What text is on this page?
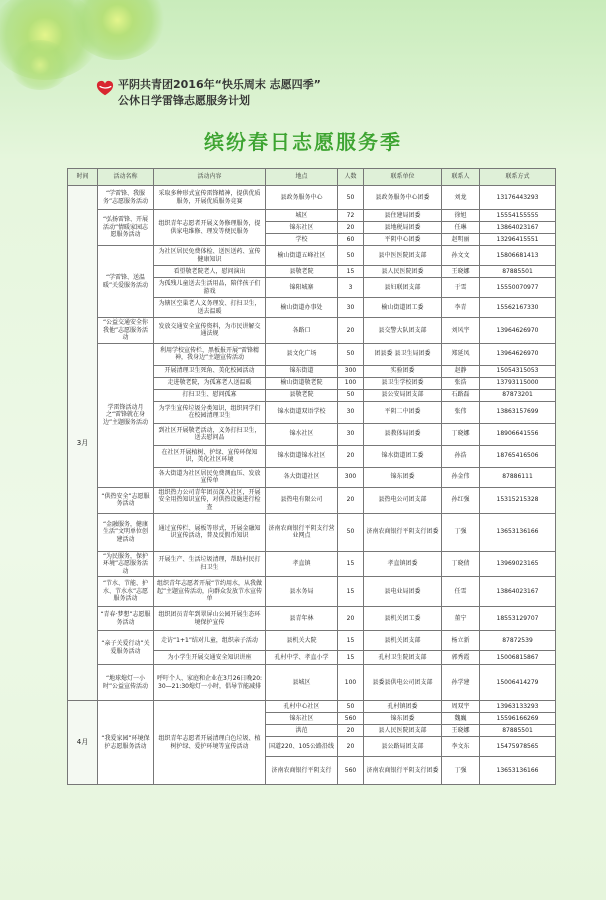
平阴共青团2016年“快乐周末 志愿四季”
公休日学雷锋志愿服务计划
缤纷春日志愿服务季
时间	活动名称	活动内容	地点	人数	联系单位	联系人	联系方式
3月	“学雷锋、我服务”志愿服务活动	采取多种形式宣传雷锋精神，提供优质服务，开展优质服务竞赛	县政务服务中心	50	县政务服务中心团委	刘龙	13176443293
	“弘扬雷锋、开展活动”情暖家园志愿服务活动	组织青年志愿者开展义务修理服务，提供家电维修、理发等便民服务	城区	72	县住建局团委	徐旭	15554155555
			锦东社区	20	县地税局团委	任琳	13864023167
			学校	60	平阴中心团委	赵明丽	13296415551
	“学雷锋、送温暖”关爱服务活动	为社区居民免费体检、送医送药、宣传健康知识	榆山街道五峰社区	50	县中医医院团支部	孙文文	15806681413
		看望敬老院老人，慰问演出	县敬老院	15	县人民医院团委	王晓娜	87885501
		为孤残儿童送去生活用品，陪伴孩子们游戏	锦阳城寨	3	县妇联团支部	于雪	15550070977
		为辖区空巢老人义务理发、打扫卫生，送去温暖	榆山街道办事处	30	榆山街道团工委	李青	15562167330
	“公益交通安全你我他”志愿服务活动	发放交通安全宣传资料，为市民讲解交通法规	各路口	20	县交警大队团支部	刘风宇	13964626970
	学雷锋活动月之“雷锋就在身边”主题服务活动	利用学校宣传栏、黑板报开展“雷锋精神，我身边”主题宣传活动	县文化广场	50	团县委 县卫生局团委	郑延凤	13964626970
		开展清理卫生死角、美化校园活动	锦东街道	300	实验团委	赵静	15054315053
		走进敬老院，为孤寡老人送温暖	榆山街道敬老院	100	县卫生学校团委	张浩	13793115000
		打扫卫生、慰问孤寡	县敬老院	50	县公安局团支部	石路磊	87873201
		为学生宣传垃圾分类知识，组织同学们在校园清理卫生	锦水街道双语学校	30	平阴二中团委	张伟	13863157699
		到社区开展敬老活动，义务打扫卫生，送去慰问品	锦水社区	30	县教体局团委	丁晓娜	18906641556
		在社区开展植树、护绿、宣传环保知识，美化社区环境	锦水街道锦水社区	20	锦水街道团工委	孙浩	18765416506
		各大街道为社区居民免费测血压、发放宣传单	各大街道社区	300	锦东团委	孙金伟	87886111
	“供热安全”志愿服务活动	组织热力公司青年团员深入社区，开展安全用热知识宣传，对供热设施进行检查	县热电有限公司	20	县热电公司团支部	孙红强	15315215328
	“金融服务，健康生活”文明单位创建活动	通过宣传栏、展板等形式，开展金融知识宣传活动，普及反假币知识	济南农商银行平阴支行营业网点	50	济南农商银行平阴支行团委	丁强	13653136166
	“为民服务，保护环境”志愿服务活动	开展生产、生活垃圾清理，帮助村民打扫卫生	孝直镇	15	孝直镇团委	丁晓倩	13969023165
	“节水、节能、护水、节水水”志愿服务活动	组织青年志愿者开展“节约用水，从我做起”主题宣传活动，向群众发放节水宣传单	县水务局	15	县电业局团委	任雪	13864023167
	“青春·梦想”志愿服务活动	组织团员青年到翠屏山公园开展生态环境保护宣传	县青年林	20	县机关团工委	董宁	18553129707
	“亲子关爱行动”关爱服务活动	走访“1+1”结对儿童，组织亲子活动	县机关大院	15	县机关团支部	杨立新	87872539
		为小学生开展交通安全知识讲座	孔村中学、孝直小学	15	孔村卫生院团支部	郭秀霞	15006815867
	“地球熄灯一小时”公益宣传活动	呼吁个人、家庭和企业在3月26日晚20:30—21:30熄灯一小时，倡导节能减排	县城区	100	县委县供电公司团支部	孙学建	15006414279
4月	“我爱家园”环境保护志愿服务活动	组织青年志愿者开展清理白色垃圾、植树护绿、爱护环境等宣传活动	孔村中心社区	50	孔村镇团委	周双宇	13963133293
			锦东社区	560	锦东团委	魏巍	15596166269
			洪范	20	县人民医院团支部	王晓娜	87885501
			国道220、105公路沿线	20	县公路局团支部	李文东	15475978565
			济南农商银行平阴支行	560	济南农商银行平阴支行团委	丁强	13653136166
